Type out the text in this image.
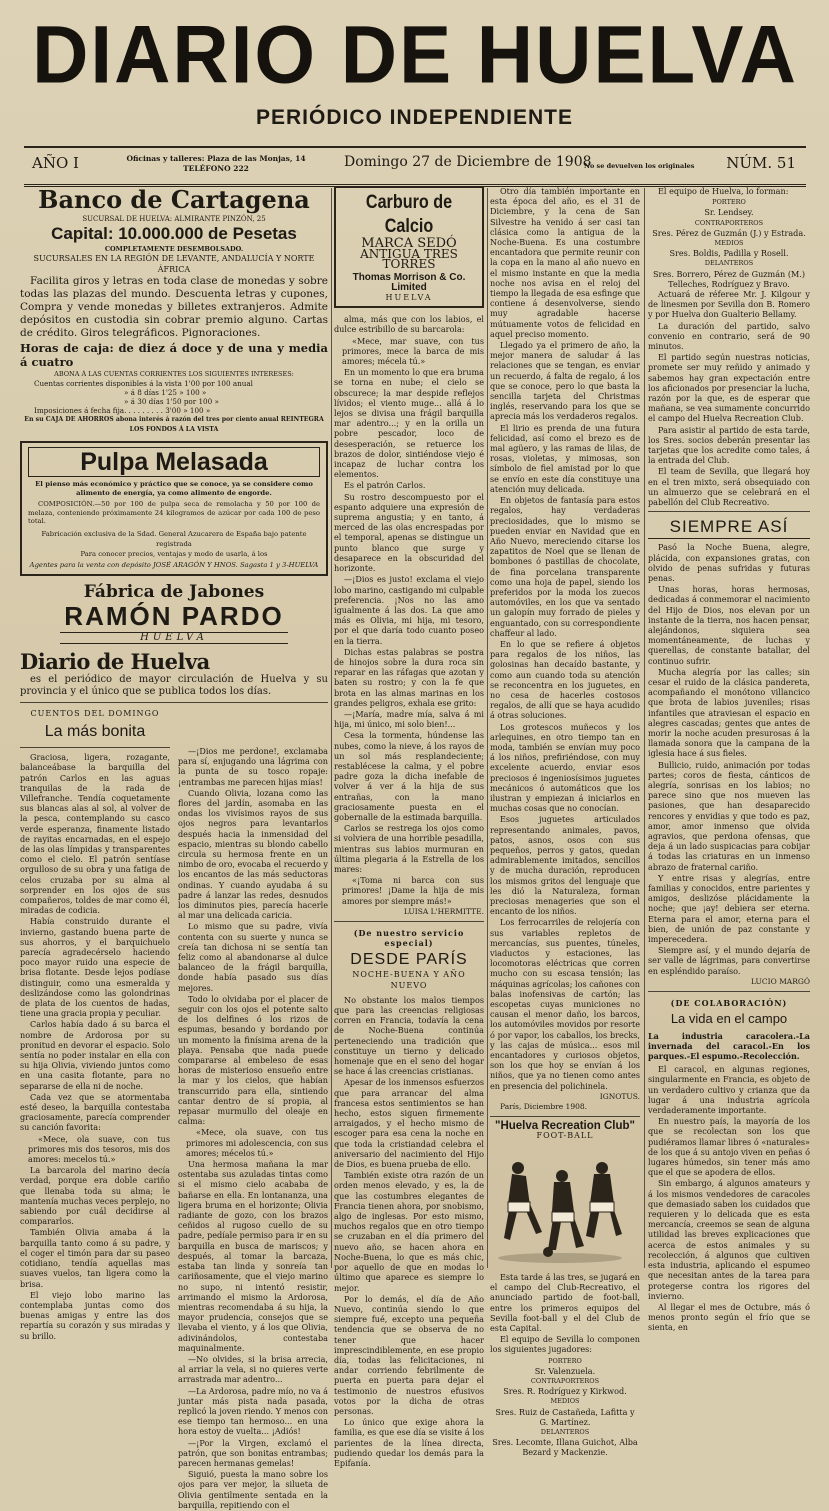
DIARIO DE HUELVA
PERIÓDICO INDEPENDIENTE
AÑO I	Oficinas y talleres: Plaza de las Monjas, 14
TELÉFONO 222	Domingo 27 de Diciembre de 1908
No se devuelven los originales NÚM. 51
Banco de Cartagena
SUCURSAL DE HUELVA: ALMIRANTE PINZÓN, 25
Capital: 10.000.000 de Pesetas
COMPLETAMENTE DESEMBOLSADO.
SUCURSALES EN LA REGIÓN DE LEVANTE, ANDALUCÍA Y NORTE ÁFRICA
Facilita giros y letras en toda clase de monedas y sobre todas las plazas del mundo. Descuenta letras y cupones, Compra y vende monedas y billetes extranjeros. Admite depósitos en custodia sin cobrar premio alguno. Cartas de crédito. Giros telegráficos. Pignoraciones.
Horas de caja: de diez á doce y de una y media á cuatro
ABONA Á LAS CUENTAS CORRIENTES LOS SIGUIENTES INTERESES:
Cuentas corrientes disponibles á la vista 1'00 por 100 anual
» á 8 días 1'25 » 100 »
» á 30 días 1'50 por 100 »
Imposiciones á fecha fija. . . . . . . . . 3'00 » 100 »
En su CAJA DE AHORROS abona interés á razón del tres por ciento anual REINTEGRA LOS FONDOS Á LA VISTA
Pulpa Melasada
El pienso más económico y práctico que se conoce, ya se considere como alimento de energía, ya como alimento de engorde.
COMPOSICIÓN.—50 por 100 de pulpa seca de remolacha y 50 por 100 de melaza, conteniendo próximamente 24 kilogramos de azúcar por cada 100 de peso total.
Fabricación exclusiva de la Sdad. General Azucarera de España bajo patente registrada
Para conocer precios, ventajas y modo de usarla, á los
Agentes para la venta con depósito JOSÉ ARAGÓN Y HNOS. Sagasta 1 y 3-HUELVA
Fábrica de Jabones
RAMÓN PARDO
HUELVA
Diario de Huelva
es el periódico de mayor circulación de Huelva y su provincia y el único que se publica todos los días.
CUENTOS DEL DOMINGO
La más bonita
Graciosa, ligera, rozagante, balanceábase la barquilla del patrón Carlos en las aguas tranquilas de la rada de Villefranche. Tendía coquetamente sus blancas alas al sol, al volver de la pesca, contemplando su casco verde esperanza, finamente listado de rayitas encarnadas, en el espejo de las olas límpidas y transparentes como el cielo. El patrón sentíase orgulloso de su obra y una fatiga de celos cruzaba por su alma al sorprender en los ojos de sus compañeros, toldes de mar como él, miradas de codicia.
Había construido durante el invierno, gastando buena parte de sus ahorros, y el barquichuelo parecía agradecérselo haciendo poco mayor ruido una especie de brisa flotante. Desde lejos podíase distinguir, como una esmeralda y deslizándose como las golondrinas de plata de los cuentos de hadas, tiene una gracia propia y peculiar.
Carlos había dado á su barca el nombre de Ardorosa por su pronitud en devorar el espacio. Solo sentía no poder instalar en ella con su hija Olivia, viviendo juntos como en una casita flotante, para no separarse de ella ni de noche.
Cada vez que se atormentaba esté deseo, la barquilla contestaba graciosamente, parecía comprender su canción favorita:
«Mece, ola suave, con tus primores mis dos tesoros, mis dos amores: mecelos tú.»
La barcarola del marino decía verdad, porque era doble cariño que llenaba toda su alma; le mantenía muchas veces perplejo, no sabiendo por cuál decidirse al compararlos.
También Olivia amaba á la barquilla tanto como á su padre, y el coger el timón para dar su paseo cotidiano, tendía aquellas mas suaves vuelos, tan ligera como la brisa.
El viejo lobo marino las contemplaba juntas como dos buenas amigas y entre las dos repartía su corazón y sus miradas y su brillo.
—¡Dios me perdone!, exclamaba para sí, enjugando una lágrima con la punta de su tosco ropaje: ¡entrambas me parecen hijas mías!
Cuando Olivia, lozana como las flores del jardín, asomaba en las ondas los vivísimos rayos de sus ojos negros para levantarlos después hacia la inmensidad del espacio, mientras su blondo cabello circula su hermosa frente en un nimbo de oro, evocaba el recuerdo y los encantos de las más seductoras ondinas. Y cuando ayudaba á su padre á lanzar las redes, desnudos los diminutos pies, parecía hacerle al mar una delicada caricia.
Lo mismo que su padre, vivía contenta con su suerte y nunca se creía tan dichosa ni se sentía tan feliz como al abandonarse al dulce balanceo de la frágil barquilla, donde había pasado sus días mejores.
Todo lo olvidaba por el placer de seguir con los ojos el potente salto de los delfines ó los rizos de espumas, besando y bordando por un momento la finísima arena de la playa. Pensaba que nada puede compararse al embeleso de esas horas de misterioso ensueño entre la mar y los cielos, que habían transcurrido para ella, sintiendo cantar dentro de sí propia, al repasar murmullo del oleaje en calma:
«Mece, ola suave, con tus primores mi adolescencia, con sus amores; mécelos tú.»
Una hermosa mañana la mar ostentaba sus azuladas tintas como si el mismo cielo acababa de bañarse en ella. En lontananza, una ligera bruma en el horizonte; Olivia radiante de gozo, con los brazos ceñidos al rugoso cuello de su padre, pedíale permiso para ir en su barquilla en busca de mariscos; y después, al tomar la barcaza, estaba tan linda y sonreía tan cariñosamente, que el viejo marino no supo, ni intentó resistir, arrimando el mismo la Ardorosa, mientras recomendaba á su hija, la mayor prudencia, consejos que se llevaba el viento, y á los que Olivia, adivinándolos, contestaba maquinalmente.
—No olvides, si la brisa arrecia, al arriar la vela, si no quieres verte arrastrada mar adentro...
—La Ardorosa, padre mío, no va á juntar más pista nada pasada, replicó la joven riendo. Y menos con ese tiempo tan hermoso... en una hora estoy de vuelta... ¡Adiós!
—¡Por la Virgen, exclamó el patrón, que son bonitas entrambas; parecen hermanas gemelas!
Siguió, puesta la mano sobre los ojos para ver mejor, la silueta de Olivia gentilmente sentada en la barquilla, repitiendo con el
Carburo de Calcio
MARCA SEDÓ
ANTIGUA TRES TORRES
Thomas Morrison & Co. Limited
HUELVA
alma, más que con los labios, el dulce estribillo de su barcarola:
«Mece, mar suave, con tus primores, mece la barca de mis amores; mécela tú.»
En un momento lo que era bruma se torna en nube; el cielo se obscurece; la mar despide reflejos lívidos; el viento muge... allá á lo lejos se divisa una frágil barquilla mar adentro...; y en la orilla un pobre pescador, loco de desesperación, se retuerce los brazos de dolor, sintiéndose viejo é incapaz de luchar contra los elementos.
Es el patrón Carlos.
Su rostro descompuesto por el espanto adquiere una expresión de suprema angustia; y en tanto, á merced de las olas encrespadas por el temporal, apenas se distingue un punto blanco que surge y desaparece en la obscuridad del horizonte.
—¡Dios es justo! exclama el viejo lobo marino, castigando mi culpable preferencia. ¡Nos no las amo igualmente á las dos. La que amo más es Olivia, mi hija, mi tesoro, por el que daría todo cuanto poseo en la tierra.
Dichas estas palabras se postra de hinojos sobre la dura roca sin reparar en las ráfagas que azotan y baten su rostro; y con la fe que brota en las almas marinas en los grandes peligros, exhala ese grito:
—¡María, madre mía, salva á mi hija, mi único, mi solo bien!...
Cesa la tormenta, húndense las nubes, como la nieve, á los rayos de un sol más resplandeciente; restablécese la calma, y el pobre padre goza la dicha inefable de volver á ver á la hija de sus entrañas, con la mano graciosamente puesta en el gobernalle de la estimada barquilla.
Carlos se restrega los ojos como si volviera de una horrible pesadilla, mientras sus labios murmuran en última plegaria á la Estrella de los mares:
«¡Toma ni barca con sus primores! ¡Dame la hija de mis amores por siempre más!»
LUISA L'HERMITTE.
(De nuestro servicio especial)
DESDE PARÍS
NOCHE-BUENA Y AÑO NUEVO
No obstante los malos tiempos que para las creencias religiosas corren en Francia, todavía la cena de Noche-Buena continúa perteneciendo una tradición que constituye un tierno y delicado homenaje que en el seno del hogar se hace á las creencias cristianas.
Apesar de los inmensos esfuerzos que para arrancar del alma francesa estos sentimientos se han hecho, estos siguen firmemente arraigados, y el hecho mismo de escoger para esa cena la noche en que toda la cristiandad celebra el aniversario del nacimiento del Hijo de Dios, es buena prueba de ello.
También existe otra razón de un orden menos elevado, y es, la de que las costumbres elegantes de Francia tienen ahora, por snobismo, algo de inglesas. Por esto mismo, muchos regalos que en otro tiempo se cruzaban en el día primero del nuevo año, se hacen ahora en Noche-Buena, lo que es más chic, por aquello de que en modas lo último que aparece es siempre lo mejor.
Por lo demás, el día de Año Nuevo, continúa siendo lo que siempre fué, excepto una pequeña tendencia que se observa de no tener que hacer imprescindiblemente, en ese propio día, todas las felicitaciones, ni andar corriendo febrilmente de puerta en puerta para dejar el testimonio de nuestros efusivos votos por la dicha de otras personas.
Lo único que exige ahora la familia, es que ese día se visite á los parientes de la línea directa, pudiendo quedar los demás para la Epifanía.
Otro día también importante en esta época del año, es el 31 de Diciembre, y la cena de San Silvestre ha venido á ser casi tan clásica como la antigua de la Noche-Buena. Es una costumbre encantadora que permite reunir con la copa en la mano al año nuevo en el mismo instante en que la media noche nos avisa en el reloj del tiempo la llegada de esa esfinge que contiene á desenvolverse, siendo muy agradable hacerse mútuamente votos de felicidad en aquel preciso momento.
Llegado ya el primero de año, la mejor manera de saludar á las relaciones que se tengan, es enviar un recuerdo, á falta de regalo, á los que se conoce, pero lo que basta la sencilla tarjeta del Christmas inglés, reservando para los que se aprecia más los verdaderos regalos.
El lirio es prenda de una futura felicidad, así como el brezo es de mal agüero, y las ramas de lilas, de rosas, violetas, y mimosas, son símbolo de fiel amistad por lo que se envío en este día constituye una atención muy delicada.
En objetos de fantasía para estos regalos, hay verdaderas preciosidades, que lo mismo se pueden enviar en Navidad que en Año Nuevo, mereciendo citarse los zapatitos de Noel que se llenan de bombones ó pastillas de chocolate, de fina porcelana transparente como una hoja de papel, siendo los preferidos por la moda los zuecos automóviles, en los que va sentado un galopín muy forrado de pieles y enguantado, con su correspondiente chaffeur al lado.
En lo que se refiere á objetos para regalos de los niños, las golosinas han decaído bastante, y como aun cuando toda su atención se reconcentra en los juguetes, en no cesa de hacerles costosos regalos, de allí que se haya acudido á otras soluciones.
Los grotescos muñecos y los arlequines, en otro tiempo tan en moda, también se envían muy poco á los niños, prefiriéndose, con muy excelente acuerdo, enviar esos preciosos é ingeniosísimos juguetes mecánicos ó automáticos que los ilustran y empiezan á iniciarlos en muchas cosas que no conocían.
Esos juguetes articulados representando animales, pavos, patos, asnos, osos con sus pequeños, perros y gatos, quedan admirablemente imitados, sencillos y de mucha duración, reproducen los mismos gritos del lenguaje que les dió la Naturaleza, forman preciosas menageries que son el encanto de los niños.
Los ferrocarriles de relojería con sus variables repletos de mercancías, sus puentes, túneles, viaductos y estaciones, las locomotoras eléctricas que corren mucho con su escasa tensión; las máquinas agrícolas; los cañones con balas inofensivas de cartón; las escopetas cuyas municiones no causan el menor daño, los barcos, los automóviles movidos por resorte ó por vapor, los caballos, los brecks, y las cajas de música... esos mil encantadores y curiosos objetos, son los que hoy se envían á los niños, que ya no tienen como antes en presencia del polichinela.
IGNOTUS.
París, Diciembre 1908.
"Huelva Recreation Club"
FOOT-BALL
Esta tarde á las tres, se jugará en el campo del Club-Recreativo, el anunciado partido de foot-ball, entre los primeros equipos del Sevilla foot-ball y el del Club de esta Capital.
El equipo de Sevilla lo componen los siguientes jugadores:
PORTERO
Sr. Valenzuela.
CONTRAPORTEROS
Sres. R. Rodríguez y Kirkwod.
MEDIOS
Sres. Ruiz de Castañeda, Lafitta y G. Martínez.
DELANTEROS
Sres. Lecomte, Illana Guichot, Alba Bezard y Mackenzie.
El equipo de Huelva, lo forman:
PORTERO
Sr. Lendsey.
CONTRAPORTEROS
Sres. Pérez de Guzmán (J.) y Estrada.
MEDIOS
Sres. Boldis, Padilla y Rosell.
DELANTEROS
Sres. Borrero, Pérez de Guzmán (M.) Telleches, Rodríguez y Bravo.
Actuará de réferee Mr. J. Kilgour y de linesmen por Sevilla don B. Romero y por Huelva don Gualterio Bellamy.
La duración del partido, salvo convenio en contrario, será de 90 minutos.
El partido según nuestras noticias, promete ser muy reñido y animado y sabemos hay gran expectación entre los aficionados por presenciar la lucha, razón por la que, es de esperar que mañana, se vea sumamente concurrido el campo del Huelva Recreation Club.
Para asistir al partido de esta tarde, los Sres. socios deberán presentar las tarjetas que los acredite como tales, á la entrada del Club.
El team de Sevilla, que llegará hoy en el tren mixto, será obsequiado con un almuerzo que se celebrará en el pabellón del Club Recreativo.
SIEMPRE ASÍ
Pasó la Noche Buena, alegre, plácida, con expansiones gratas, con olvido de penas sufridas y futuras penas.
Unas horas, horas hermosas, dedicadas á conmemorar el nacimiento del Hijo de Dios, nos elevan por un instante de la tierra, nos hacen pensar, alejándonos, siquiera sea momentáneamente, de luchas y querellas, de constante batallar, del continuo sufrir.
Mucha alegría por las calles; sin cesar el ruido de la clásica pandereta, acompañando el monótono villancico que brota de labios juveniles; risas infantiles que atraviesan el espacio en alegres cascadas; gentes que antes de morir la noche acuden presurosas á la llamada sonora que la campana de la iglesia hace á sus fieles.
Bullicio, ruido, animación por todas partes; coros de fiesta, cánticos de alegría, sonrisas en los labios; no parece sino que nos mueven las pasiones, que han desaparecido rencores y envidias y que todo es paz, amor, amor inmenso que olvida agravios, que perdona ofensas, que deja á un lado suspicacias para cobijar á todas las criaturas en un inmenso abrazo de fraternal cariño.
Y entre risas y alegrías, entre familias y conocidos, entre parientes y amigos, deslizóse plácidamente la noche; que ¡ay! debiera ser eterna. Eterna para el amor, eterna para el bien, de unión de paz constante y imperecedera.
Siempre así, y el mundo dejaría de ser valle de lágrimas, para convertirse en espléndido paraíso.
LUCIO MARGÓ
(DE COLABORACIÓN)
La vida en el campo
La industria caracolera.-La invernada del caracol.-En los parques.-El espumo.-Recolección.
El caracol, en algunas regiones, singularmente en Francia, es objeto de un verdadero cultivo y crianza que da lugar á una industria agrícola verdaderamente importante.
En nuestro país, la mayoría de los que se recolectan son los que pudiéramos llamar libres ó «naturales» de los que á su antojo viven en peñas ó lugares húmedos, sin tener más amo que el que se apodera de ellos.
Sin embargo, á algunos amateurs y á los mismos vendedores de caracoles que demasiado saben los cuidados que requieren y lo delicada que es esta mercancía, creemos se sean de alguna utilidad las breves explicaciones que acerca de estos animales y su recolección, á algunos que cultiven esta industria, aplicando el espumeo que necesitan antes de la tarea para protegerse contra los rigores del invierno.
Al llegar el mes de Octubre, más ó menos pronto según el frío que se sienta, en
